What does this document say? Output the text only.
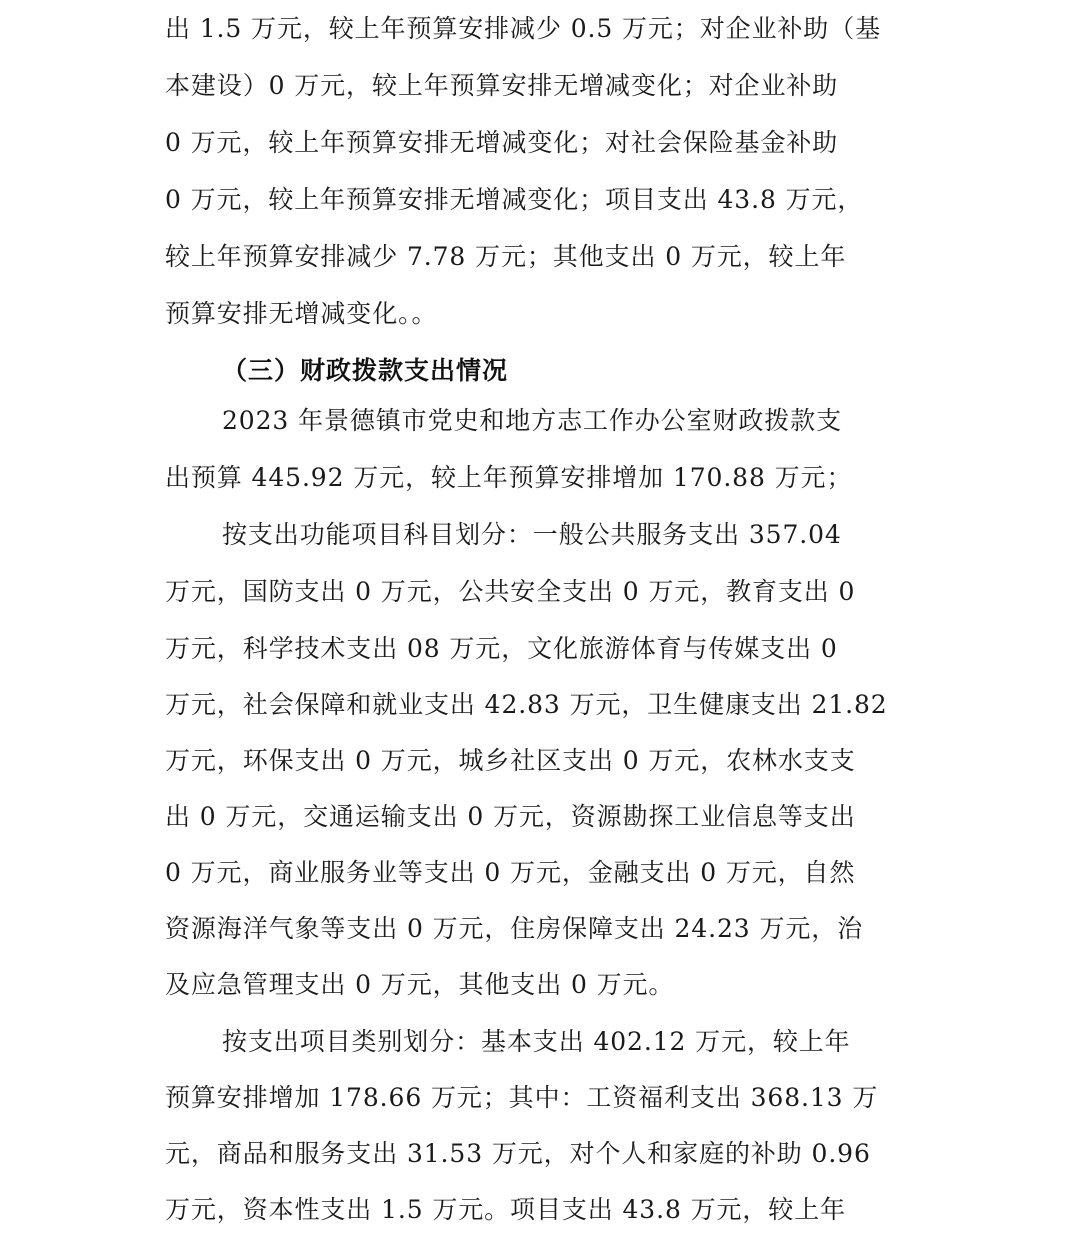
出 1.5 万元，较上年预算安排减少 0.5 万元；对企业补助（基
本建设）0 万元，较上年预算安排无增减变化；对企业补助
0 万元，较上年预算安排无增减变化；对社会保险基金补助
0 万元，较上年预算安排无增减变化；项目支出 43.8 万元，
较上年预算安排减少 7.78 万元；其他支出 0 万元，较上年
预算安排无增减变化。。
（三）财政拨款支出情况
2023 年景德镇市党史和地方志工作办公室财政拨款支
出预算 445.92 万元，较上年预算安排增加 170.88 万元；
按支出功能项目科目划分：一般公共服务支出 357.04
万元，国防支出 0 万元，公共安全支出 0 万元，教育支出 0
万元，科学技术支出 08 万元，文化旅游体育与传媒支出 0
万元，社会保障和就业支出 42.83 万元，卫生健康支出 21.82
万元，环保支出 0 万元，城乡社区支出 0 万元，农林水支支
出 0 万元，交通运输支出 0 万元，资源勘探工业信息等支出
0 万元，商业服务业等支出 0 万元，金融支出 0 万元，自然
资源海洋气象等支出 0 万元，住房保障支出 24.23 万元，治
及应急管理支出 0 万元，其他支出 0 万元。
按支出项目类别划分：基本支出 402.12 万元，较上年
预算安排增加 178.66 万元；其中：工资福利支出 368.13 万
元，商品和服务支出 31.53 万元，对个人和家庭的补助 0.96
万元，资本性支出 1.5 万元。项目支出 43.8 万元，较上年
